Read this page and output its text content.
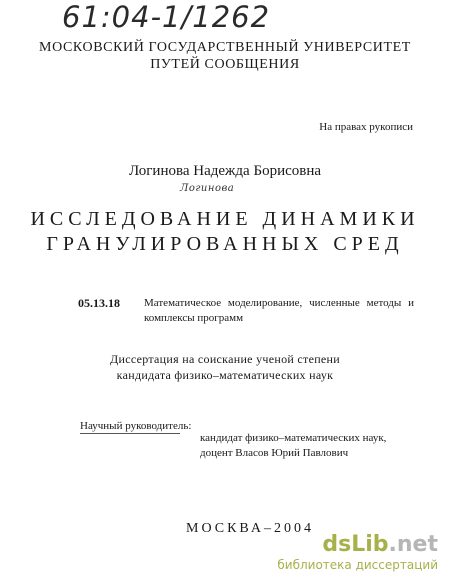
61:04-1/1262
МОСКОВСКИЙ ГОСУДАРСТВЕННЫЙ УНИВЕРСИТЕТ
ПУТЕЙ СООБЩЕНИЯ
На правах рукописи
Логинова Надежда Борисовна
Логинова
ИССЛЕДОВАНИЕ ДИНАМИКИ
ГРАНУЛИРОВАННЫХ СРЕД
05.13.18 Математическое моделирование, численные методы и комплексы программ
Диссертация на соискание ученой степени
кандидата физико–математических наук
Научный руководитель:
кандидат физико–математических наук,
доцент Власов Юрий Павлович
МОСКВА–2004
dsLib.net
библиотека диссертаций
